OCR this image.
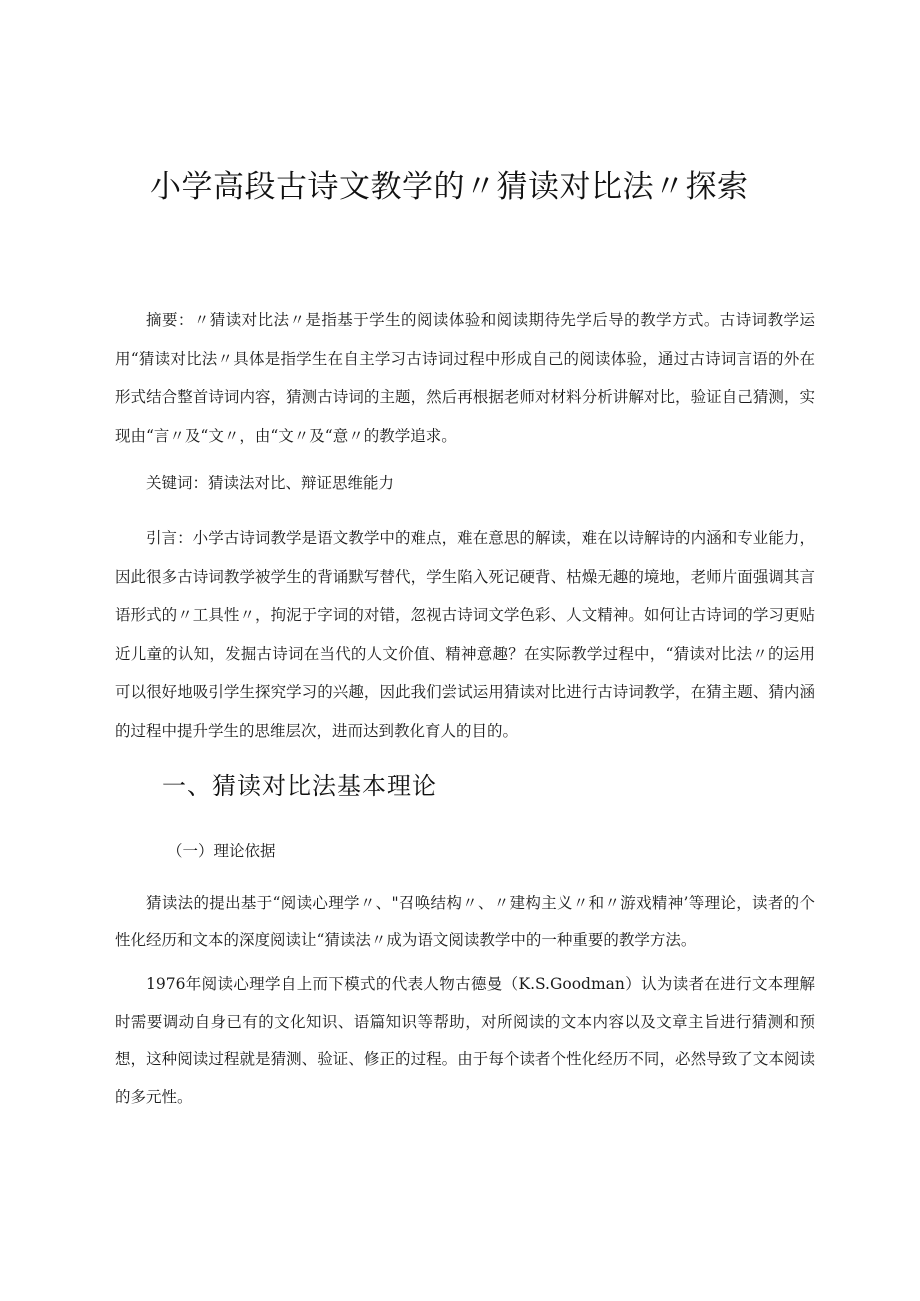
小学高段古诗文教学的〃猜读对比法〃探索

摘要：〃猜读对比法〃是指基于学生的阅读体验和阅读期待先学后导的教学方式。古诗词教学运用“猜读对比法〃具体是指学生在自主学习古诗词过程中形成自己的阅读体验，通过古诗词言语的外在形式结合整首诗词内容，猜测古诗词的主题，然后再根据老师对材料分析讲解对比，验证自己猜测，实现由“言〃及“文〃，由“文〃及“意〃的教学追求。

关键词：猜读法对比、辩证思维能力

引言：小学古诗词教学是语文教学中的难点，难在意思的解读，难在以诗解诗的内涵和专业能力，因此很多古诗词教学被学生的背诵默写替代，学生陷入死记硬背、枯燥无趣的境地，老师片面强调其言语形式的〃工具性〃，拘泥于字词的对错，忽视古诗词文学色彩、人文精神。如何让古诗词的学习更贴近儿童的认知，发掘古诗词在当代的人文价值、精神意趣？在实际教学过程中，“猜读对比法〃的运用可以很好地吸引学生探究学习的兴趣，因此我们尝试运用猜读对比进行古诗词教学，在猜主题、猜内涵的过程中提升学生的思维层次，进而达到教化育人的目的。

一、猜读对比法基本理论
（一）理论依据

猜读法的提出基于“阅读心理学〃、"召唤结构〃、〃建构主义〃和〃游戏精神’等理论，读者的个性化经历和文本的深度阅读让“猜读法〃成为语文阅读教学中的一种重要的教学方法。

1976年阅读心理学自上而下模式的代表人物古德曼（K.S.Goodman）认为读者在进行文本理解时需要调动自身已有的文化知识、语篇知识等帮助，对所阅读的文本内容以及文章主旨进行猜测和预想，这种阅读过程就是猜测、验证、修正的过程。由于每个读者个性化经历不同，必然导致了文本阅读的多元性。
